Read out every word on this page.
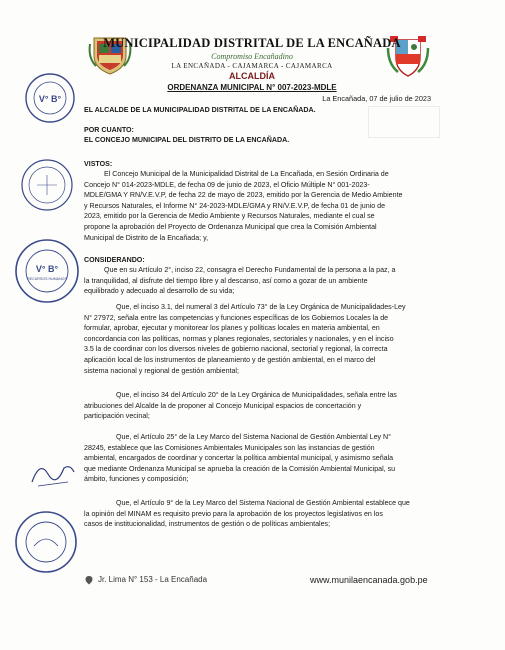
MUNICIPALIDAD DISTRITAL DE LA ENCAÑADA
Compromiso Encañadino
LA ENCAÑADA - CAJAMARCA - CAJAMARCA
ALCALDÍA
ORDENANZA MUNICIPAL N° 007-2023-MDLE
La Encañada, 07 de julio de 2023
V° B°
EL ALCALDE DE LA MUNICIPALIDAD DISTRITAL DE LA ENCAÑADA.
POR CUANTO:
EL CONCEJO MUNICIPAL DEL DISTRITO DE LA ENCAÑADA.
VISTOS:
El Concejo Municipal de la Municipalidad Distrital de La Encañada, en Sesión Ordinaria de
Concejo N° 014-2023-MDLE, de fecha 09 de junio de 2023, el Oficio Múltiple N° 001-2023-
MDLE/GMA Y RN/V.E.V.P, de fecha 22 de mayo de 2023, emitido por la Gerencia de Medio Ambiente
y Recursos Naturales, el Informe N° 24-2023-MDLE/GMA y RN/V.E.V.P, de fecha 01 de junio de
2023, emitido por la Gerencia de Medio Ambiente y Recursos Naturales, mediante el cual se
propone la aprobación del Proyecto de Ordenanza Municipal que crea la Comisión Ambiental
Municipal de Distrito de la Encañada; y,
V° B°
RECURSOS HUMANOS
CONSIDERANDO:
Que en su Artículo 2°, inciso 22, consagra el Derecho Fundamental de la persona a la paz, a
la tranquilidad, al disfrute del tiempo libre y al descanso, así como a gozar de un ambiente
equilibrado y adecuado al desarrollo de su vida;
Que, el inciso 3.1, del numeral 3 del Artículo 73° de la Ley Orgánica de Municipalidades-Ley
N° 27972, señala entre las competencias y funciones específicas de los Gobiernos Locales la de
formular, aprobar, ejecutar y monitorear los planes y políticas locales en materia ambiental, en
concordancia con las políticas, normas y planes regionales, sectoriales y nacionales, y en el inciso
3.5 la de coordinar con los diversos niveles de gobierno nacional, sectorial y regional, la correcta
aplicación local de los instrumentos de planeamiento y de gestión ambiental, en el marco del
sistema nacional y regional de gestión ambiental;
Que, el inciso 34 del Artículo 20° de la Ley Orgánica de Municipalidades, señala entre las
atribuciones del Alcalde la de proponer al Concejo Municipal espacios de concertación y
participación vecinal;
Que, el Artículo 25° de la Ley Marco del Sistema Nacional de Gestión Ambiental Ley N°
28245, establece que las Comisiones Ambientales Municipales son las instancias de gestión
ambiental, encargados de coordinar y concertar la política ambiental municipal, y asimismo señala
que mediante Ordenanza Municipal se aprueba la creación de la Comisión Ambiental Municipal, su
ámbito, funciones y composición;
Que, el Artículo 9° de la Ley Marco del Sistema Nacional de Gestión Ambiental establece que
la opinión del MINAM es requisito previo para la aprobación de los proyectos legislativos en los
casos de institucionalidad, instrumentos de gestión o de políticas ambientales;
Jr. Lima N° 153 - La Encañada	www.munilaencanada.gob.pe
